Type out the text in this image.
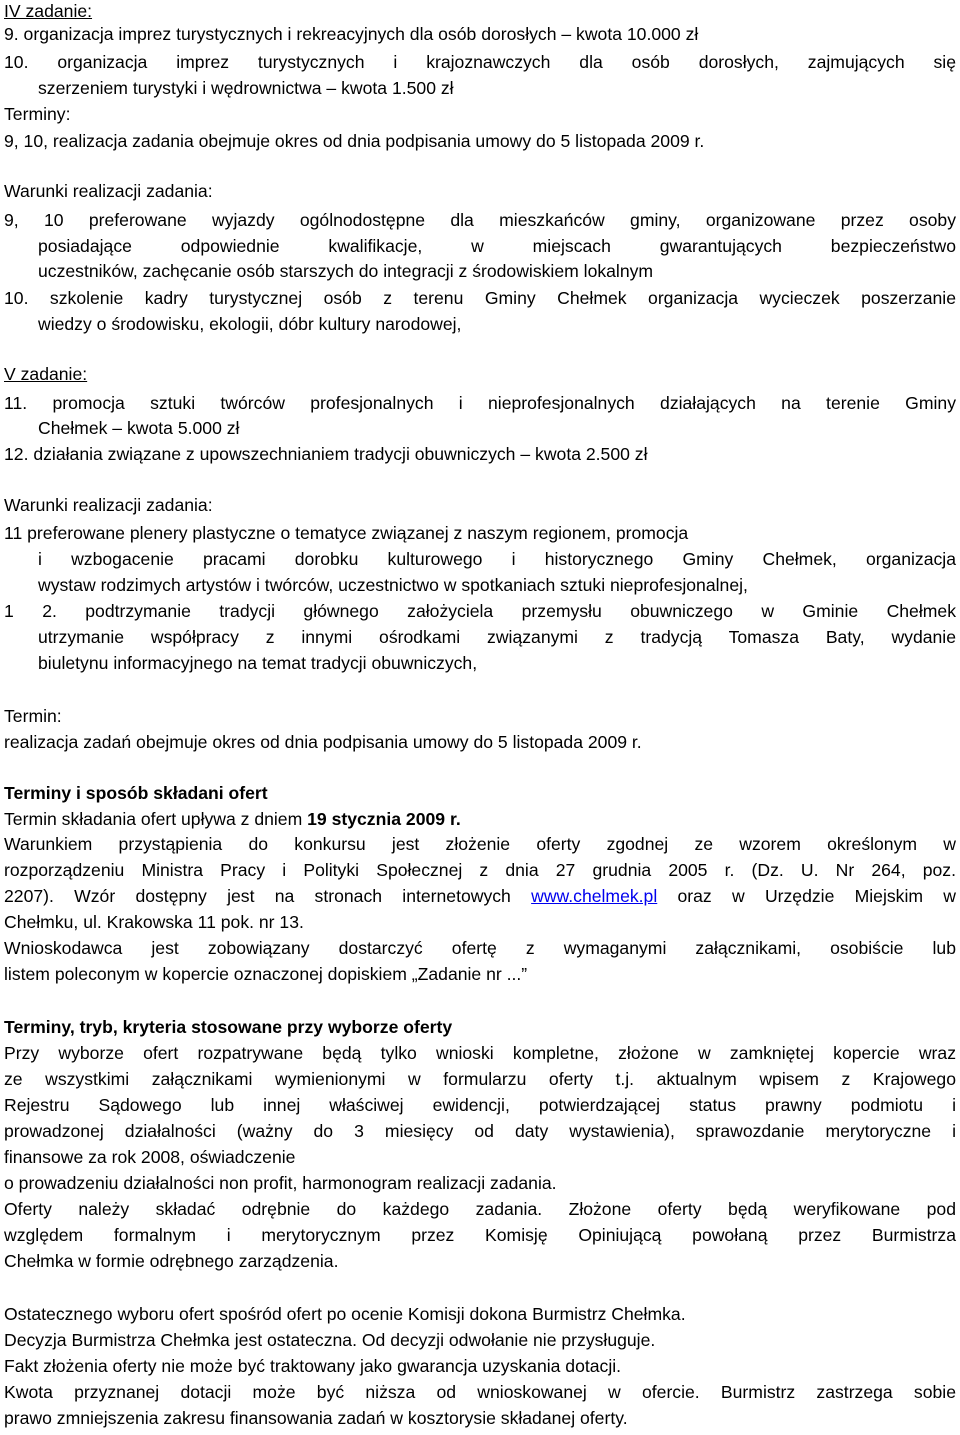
IV zadanie:
9. organizacja imprez turystycznych i rekreacyjnych dla osób dorosłych – kwota 10.000 zł
10. organizacja imprez turystycznych i krajoznawczych dla osób dorosłych, zajmujących się
szerzeniem turystyki i wędrownictwa – kwota 1.500 zł
Terminy:
9, 10, realizacja zadania obejmuje okres od dnia podpisania umowy do 5 listopada 2009 r.
Warunki realizacji zadania:
9, 10 preferowane wyjazdy ogólnodostępne dla mieszkańców gminy, organizowane przez osoby
posiadające odpowiednie kwalifikacje, w miejscach gwarantujących bezpieczeństwo
uczestników, zachęcanie osób starszych do integracji z środowiskiem lokalnym
10. szkolenie kadry turystycznej osób z terenu Gminy Chełmek organizacja wycieczek poszerzanie
wiedzy o środowisku, ekologii, dóbr kultury narodowej,
V zadanie:
11. promocja sztuki twórców profesjonalnych i nieprofesjonalnych działających na terenie Gminy
Chełmek – kwota 5.000 zł
12. działania związane z upowszechnianiem tradycji obuwniczych – kwota 2.500 zł
Warunki realizacji zadania:
11 preferowane plenery plastyczne o tematyce związanej z naszym regionem, promocja
i wzbogacenie pracami dorobku kulturowego i historycznego Gminy Chełmek, organizacja
wystaw rodzimych artystów i twórców, uczestnictwo w spotkaniach sztuki nieprofesjonalnej,
1 2. podtrzymanie tradycji głównego założyciela przemysłu obuwniczego w Gminie Chełmek
utrzymanie współpracy z innymi ośrodkami związanymi z tradycją Tomasza Baty, wydanie
biuletynu informacyjnego na temat tradycji obuwniczych,
Termin:
realizacja zadań obejmuje okres od dnia podpisania umowy do 5 listopada 2009 r.
Terminy i sposób składani ofert
Termin składania ofert upływa z dniem 19 stycznia 2009 r.
Warunkiem przystąpienia do konkursu jest złożenie oferty zgodnej ze wzorem określonym w
rozporządzeniu Ministra Pracy i Polityki Społecznej z dnia 27 grudnia 2005 r. (Dz. U. Nr 264, poz.
2207). Wzór dostępny jest na stronach internetowych www.chelmek.pl oraz w Urzędzie Miejskim w
Chełmku, ul. Krakowska 11 pok. nr 13.
Wnioskodawca jest zobowiązany dostarczyć ofertę z wymaganymi załącznikami, osobiście lub
listem poleconym w kopercie oznaczonej dopiskiem „Zadanie nr ...”
Terminy, tryb, kryteria stosowane przy wyborze oferty
Przy wyborze ofert rozpatrywane będą tylko wnioski kompletne, złożone w zamkniętej kopercie wraz
ze wszystkimi załącznikami wymienionymi w formularzu oferty t.j. aktualnym wpisem z Krajowego
Rejestru Sądowego lub innej właściwej ewidencji, potwierdzającej status prawny podmiotu i
prowadzonej działalności (ważny do 3 miesięcy od daty wystawienia), sprawozdanie merytoryczne i
finansowe za rok 2008, oświadczenie
o prowadzeniu działalności non profit, harmonogram realizacji zadania.
Oferty należy składać odrębnie do każdego zadania. Złożone oferty będą weryfikowane pod
względem formalnym i merytorycznym przez Komisję Opiniującą powołaną przez Burmistrza
Chełmka w formie odrębnego zarządzenia.
Ostatecznego wyboru ofert spośród ofert po ocenie Komisji dokona Burmistrz Chełmka.
Decyzja Burmistrza Chełmka jest ostateczna. Od decyzji odwołanie nie przysługuje.
Fakt złożenia oferty nie może być traktowany jako gwarancja uzyskania dotacji.
Kwota przyznanej dotacji może być niższa od wnioskowanej w ofercie. Burmistrz zastrzega sobie
prawo zmniejszenia zakresu finansowania zadań w kosztorysie składanej oferty.
